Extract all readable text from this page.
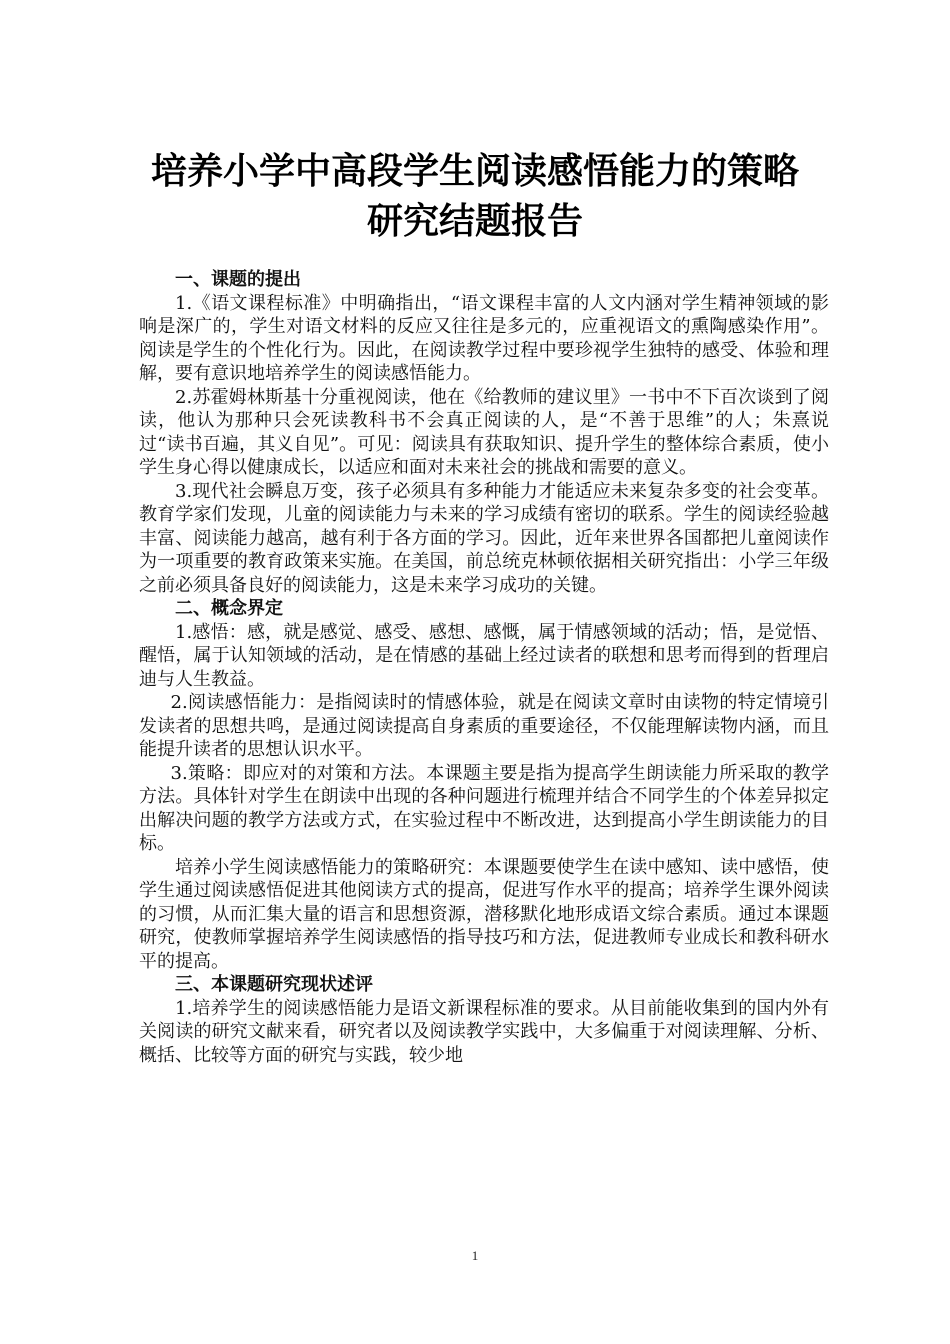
培养小学中高段学生阅读感悟能力的策略
研究结题报告
一、课题的提出

1.《语文课程标准》中明确指出，“语文课程丰富的人文内涵对学生精神领域的影响是深广的，学生对语文材料的反应又往往是多元的，应重视语文的熏陶感染作用”。阅读是学生的个性化行为。因此，在阅读教学过程中要珍视学生独特的感受、体验和理解，要有意识地培养学生的阅读感悟能力。

2.苏霍姆林斯基十分重视阅读，他在《给教师的建议里》一书中不下百次谈到了阅读，他认为那种只会死读教科书不会真正阅读的人，是“不善于思维”的人；朱熹说过“读书百遍，其义自见”。可见：阅读具有获取知识、提升学生的整体综合素质，使小学生身心得以健康成长，以适应和面对未来社会的挑战和需要的意义。

3.现代社会瞬息万变，孩子必须具有多种能力才能适应未来复杂多变的社会变革。教育学家们发现，儿童的阅读能力与未来的学习成绩有密切的联系。学生的阅读经验越丰富、阅读能力越高，越有利于各方面的学习。因此，近年来世界各国都把儿童阅读作为一项重要的教育政策来实施。在美国，前总统克林顿依据相关研究指出：小学三年级之前必须具备良好的阅读能力，这是未来学习成功的关键。

二、概念界定

1.感悟：感，就是感觉、感受、感想、感慨，属于情感领域的活动；悟，是觉悟、醒悟，属于认知领域的活动，是在情感的基础上经过读者的联想和思考而得到的哲理启迪与人生教益。

2.阅读感悟能力：是指阅读时的情感体验，就是在阅读文章时由读物的特定情境引发读者的思想共鸣，是通过阅读提高自身素质的重要途径，不仅能理解读物内涵，而且能提升读者的思想认识水平。

3.策略：即应对的对策和方法。本课题主要是指为提高学生朗读能力所采取的教学方法。具体针对学生在朗读中出现的各种问题进行梳理并结合不同学生的个体差异拟定出解决问题的教学方法或方式，在实验过程中不断改进，达到提高小学生朗读能力的目标。

培养小学生阅读感悟能力的策略研究：本课题要使学生在读中感知、读中感悟，使学生通过阅读感悟促进其他阅读方式的提高，促进写作水平的提高；培养学生课外阅读的习惯，从而汇集大量的语言和思想资源，潜移默化地形成语文综合素质。通过本课题研究，使教师掌握培养学生阅读感悟的指导技巧和方法，促进教师专业成长和教科研水平的提高。

三、本课题研究现状述评

1.培养学生的阅读感悟能力是语文新课程标准的要求。从目前能收集到的国内外有关阅读的研究文献来看，研究者以及阅读教学实践中，大多偏重于对阅读理解、分析、概括、比较等方面的研究与实践，较少地

1
